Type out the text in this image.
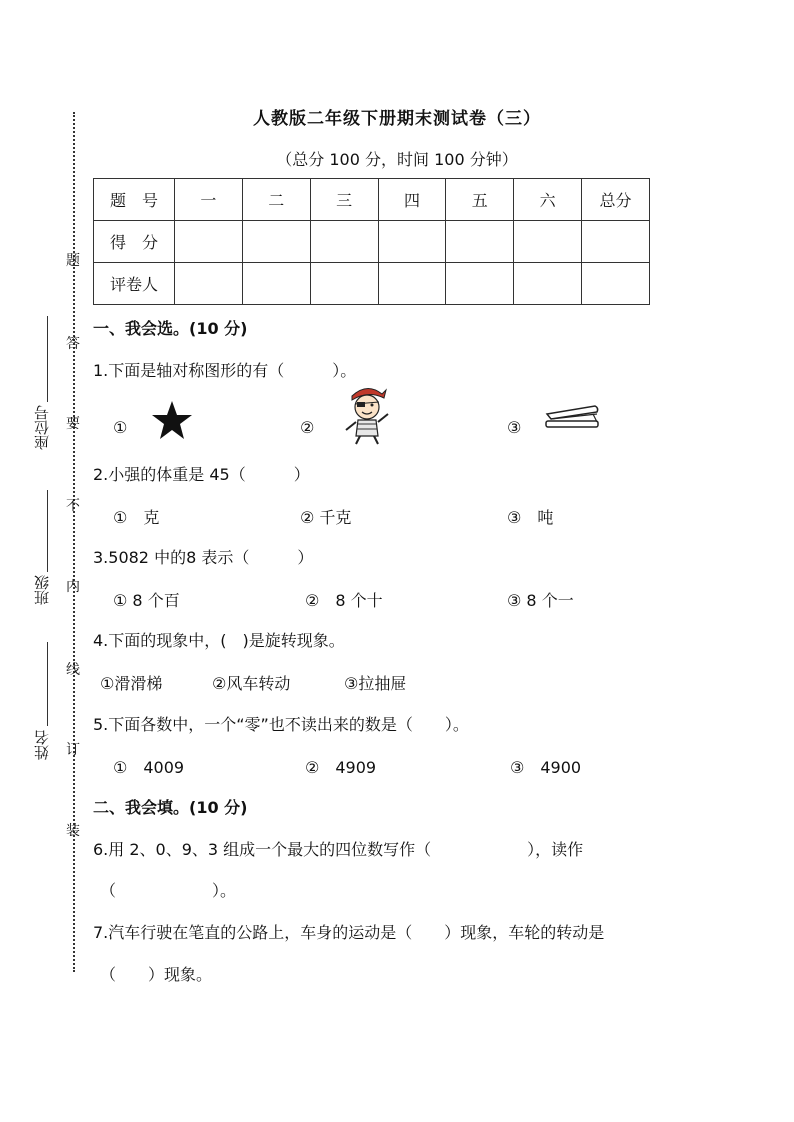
题
答
要
不
内
线
订
装
座位号
班级
姓名
人教版二年级下册期末测试卷（三）
（总分 100 分，时间 100 分钟）
题　号	一	二	三	四	五	六	总分
得　分							
评卷人							
一、我会选。(10 分)
1.下面是轴对称图形的有（　　　）。
①	②	③
2.小强的体重是 45（　　　）
①　克	② 千克	③　吨
3.5082 中的8 表示（　　　）
① 8 个百	②　8 个十	③ 8 个一
4.下面的现象中，(　)是旋转现象。
①滑滑梯	②风车转动	③拉抽屉
5.下面各数中，一个“零”也不读出来的数是（　　）。
①　4009	②　4909	③　4900
二、我会填。(10 分)
6.用 2、0、9、3 组成一个最大的四位数写作（　　　　　　），读作
（　　　　　　）。
7.汽车行驶在笔直的公路上，车身的运动是（　　）现象，车轮的转动是
（　　）现象。
